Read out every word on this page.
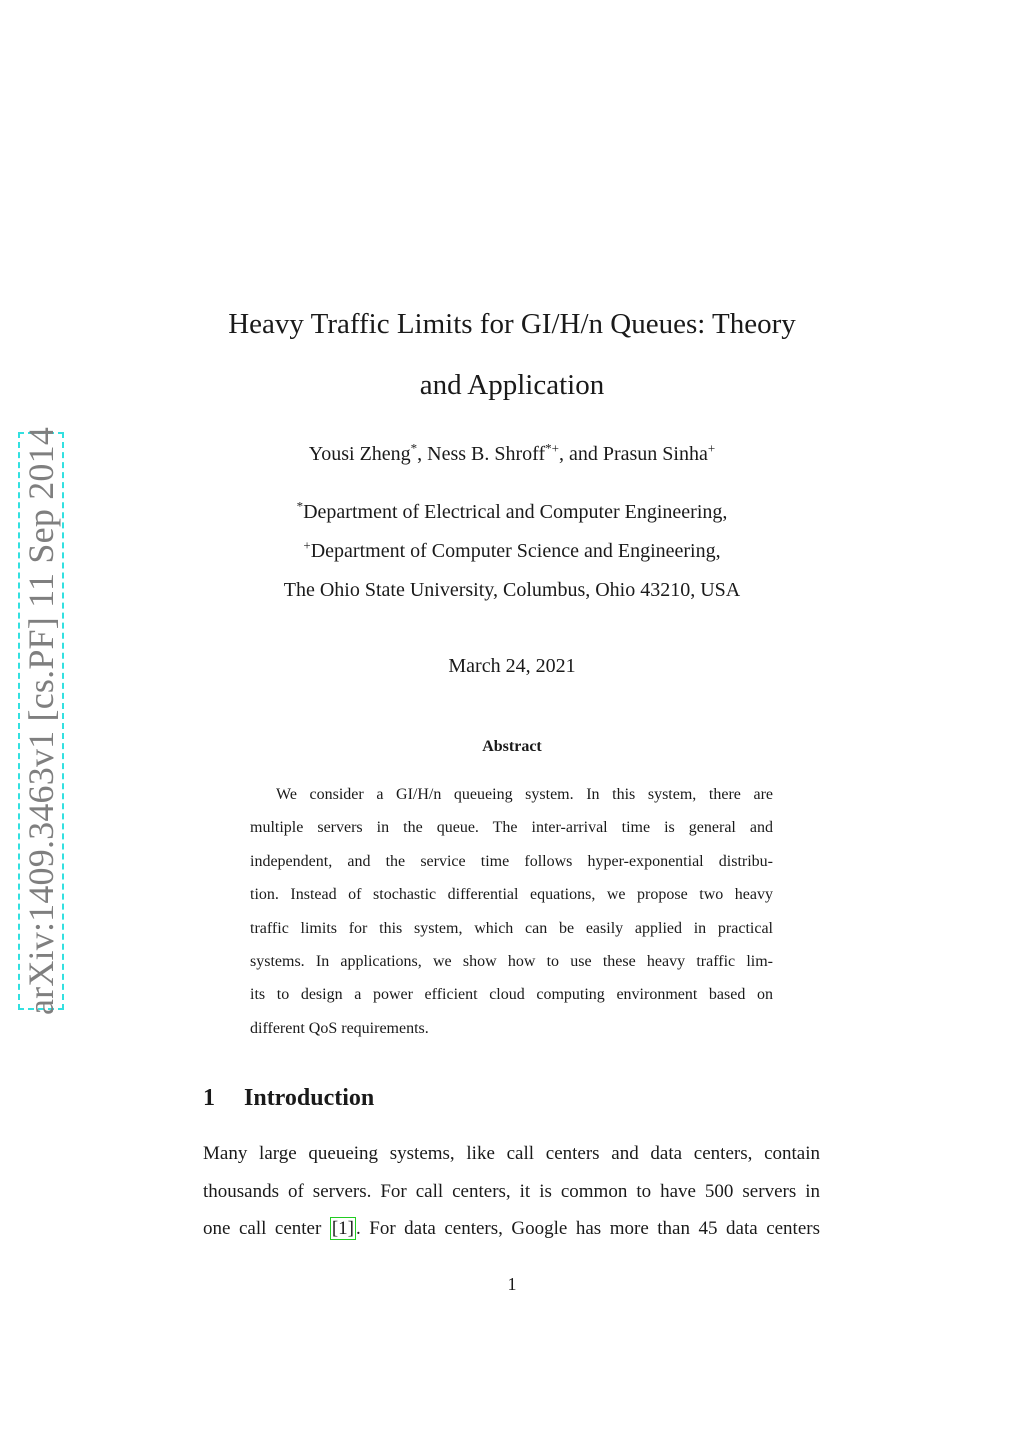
arXiv:1409.3463v1 [cs.PF] 11 Sep 2014
Heavy Traffic Limits for GI/H/n Queues: Theory
and Application
Yousi Zheng*, Ness B. Shroff*+, and Prasun Sinha+
*Department of Electrical and Computer Engineering,
+Department of Computer Science and Engineering,
The Ohio State University, Columbus, Ohio 43210, USA
March 24, 2021
Abstract
We consider a GI/H/n queueing system. In this system, there are
multiple servers in the queue. The inter-arrival time is general and
independent, and the service time follows hyper-exponential distribu-
tion. Instead of stochastic differential equations, we propose two heavy
traffic limits for this system, which can be easily applied in practical
systems. In applications, we show how to use these heavy traffic lim-
its to design a power efficient cloud computing environment based on
different QoS requirements.
1 Introduction
Many large queueing systems, like call centers and data centers, contain
thousands of servers. For call centers, it is common to have 500 servers in
one call center [1] . For data centers, Google has more than 45 data centers
1
